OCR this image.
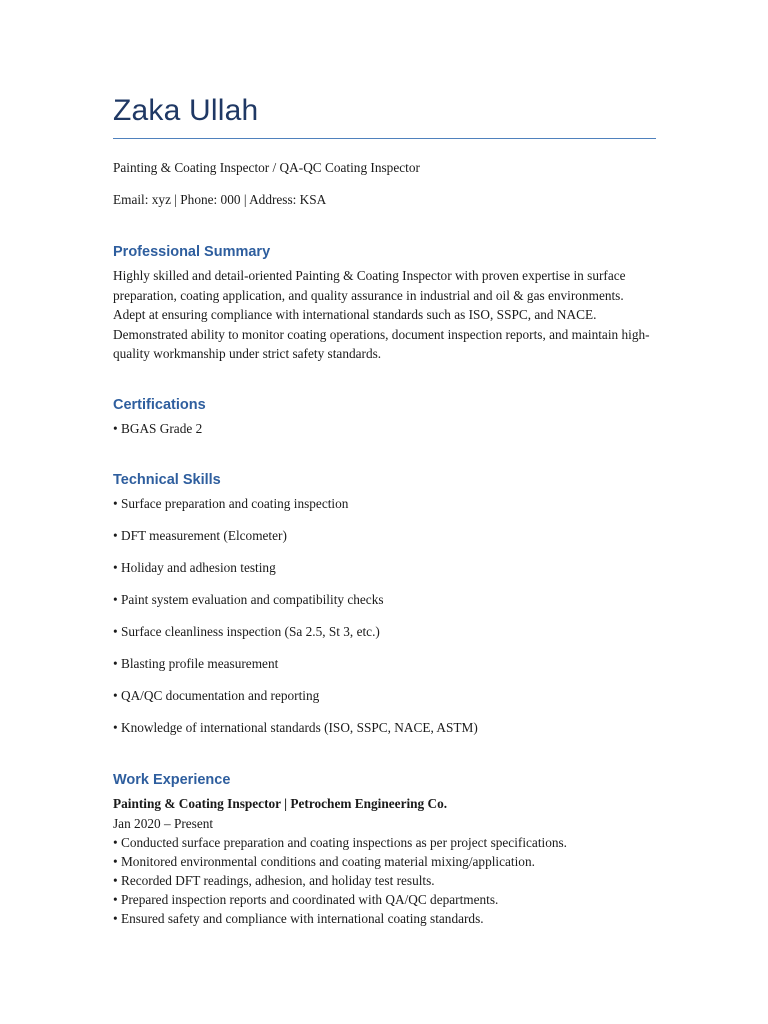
Zaka Ullah

Painting & Coating Inspector / QA-QC Coating Inspector

Email: xyz | Phone: 000 | Address: KSA

Professional Summary

Highly skilled and detail-oriented Painting & Coating Inspector with proven expertise in surface preparation, coating application, and quality assurance in industrial and oil & gas environments. Adept at ensuring compliance with international standards such as ISO, SSPC, and NACE. Demonstrated ability to monitor coating operations, document inspection reports, and maintain high-quality workmanship under strict safety standards.

Certifications

• BGAS Grade 2

Technical Skills

• Surface preparation and coating inspection

• DFT measurement (Elcometer)

• Holiday and adhesion testing

• Paint system evaluation and compatibility checks

• Surface cleanliness inspection (Sa 2.5, St 3, etc.)

• Blasting profile measurement

• QA/QC documentation and reporting

• Knowledge of international standards (ISO, SSPC, NACE, ASTM)

Work Experience

Painting & Coating Inspector | Petrochem Engineering Co.

Jan 2020 – Present

• Conducted surface preparation and coating inspections as per project specifications.

• Monitored environmental conditions and coating material mixing/application.

• Recorded DFT readings, adhesion, and holiday test results.

• Prepared inspection reports and coordinated with QA/QC departments.

• Ensured safety and compliance with international coating standards.
